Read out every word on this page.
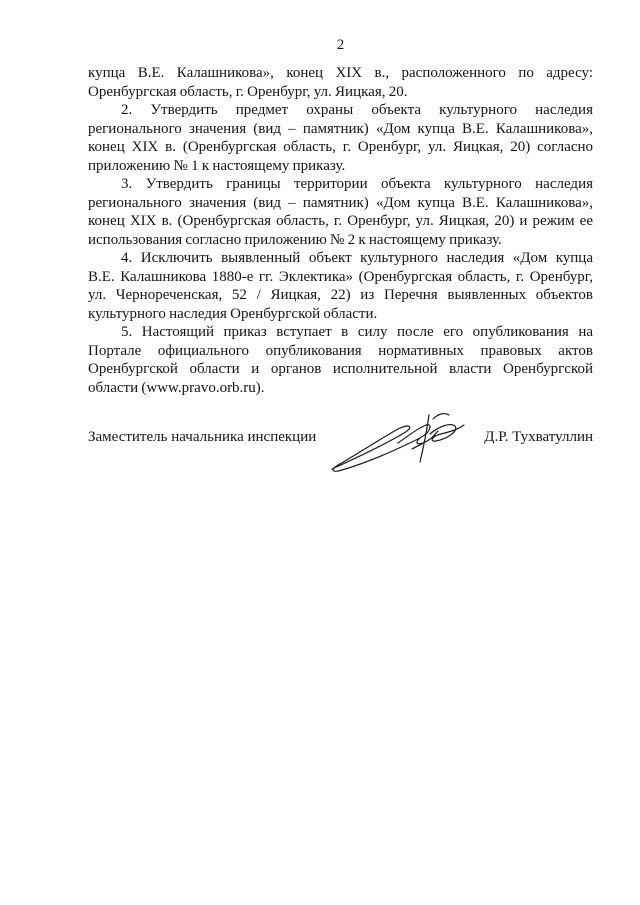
2
купца В.Е. Калашникова», конец XIX в., расположенного по адресу:
Оренбургская область, г. Оренбург, ул. Яицкая, 20.
2. Утвердить предмет охраны объекта культурного наследия
регионального значения (вид – памятник) «Дом купца В.Е. Калашникова»,
конец XIX в. (Оренбургская область, г. Оренбург, ул. Яицкая, 20) согласно
приложению № 1 к настоящему приказу.
3. Утвердить границы территории объекта культурного наследия
регионального значения (вид – памятник) «Дом купца В.Е. Калашникова»,
конец XIX в. (Оренбургская область, г. Оренбург, ул. Яицкая, 20) и режим ее
использования согласно приложению № 2 к настоящему приказу.
4. Исключить выявленный объект культурного наследия «Дом купца
В.Е. Калашникова 1880-е гг. Эклектика» (Оренбургская область, г. Оренбург,
ул. Чернореченская, 52 / Яицкая, 22) из Перечня выявленных объектов
культурного наследия Оренбургской области.
5. Настоящий приказ вступает в силу после его опубликования на
Портале официального опубликования нормативных правовых актов
Оренбургской области и органов исполнительной власти Оренбургской
области (www.pravo.orb.ru).
Заместитель начальника инспекции	Д.Р. Тухватуллин
